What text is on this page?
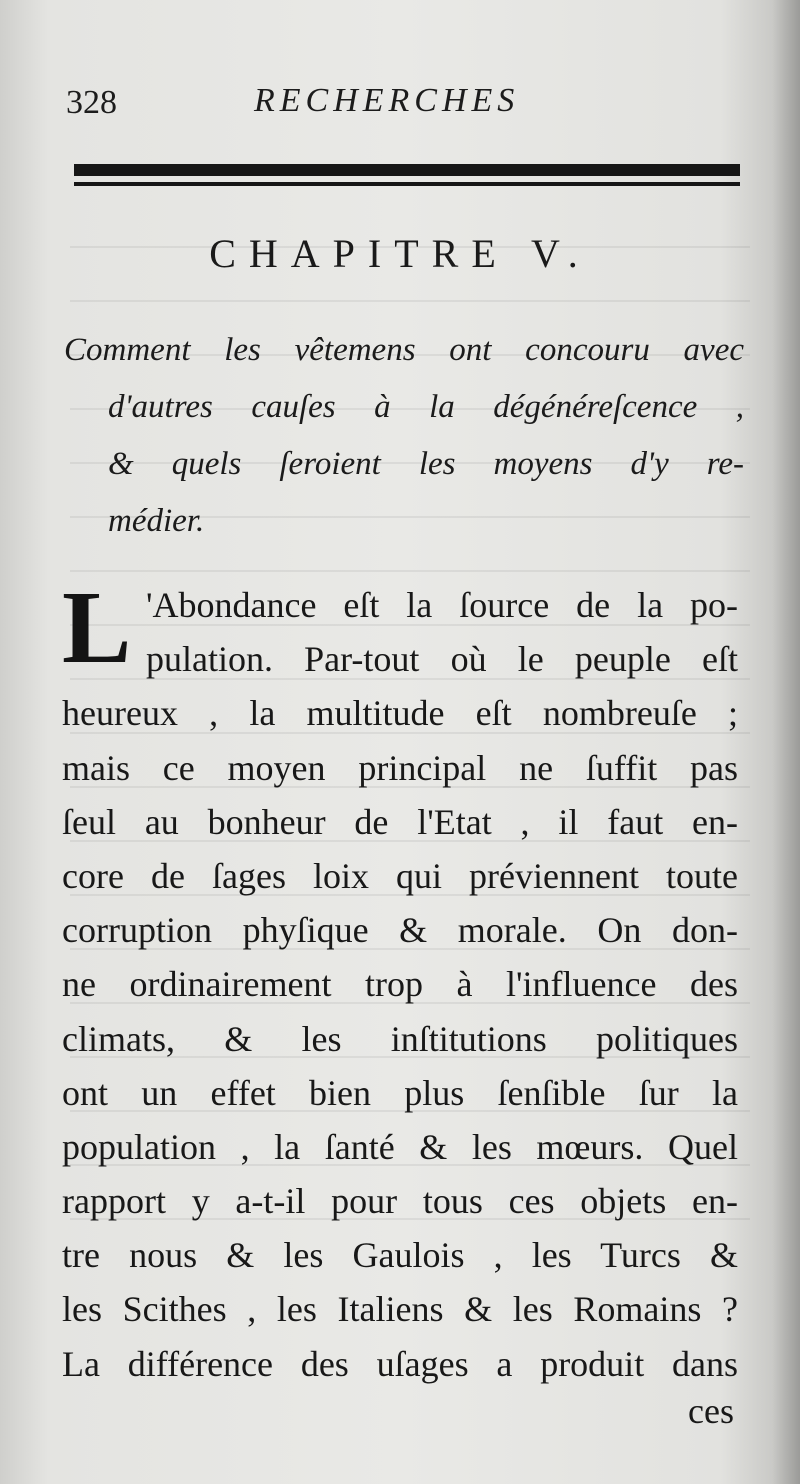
328	RECHERCHES
CHAPITRE V.
Comment les vêtemens ont concouru avec
d'autres cauſes à la dégénéreſcence ,
& quels ſeroient les moyens d'y re-
médier.
L 'Abondance eſt la ſource de la po-
pulation. Par-tout où le peuple eſt
heureux , la multitude eſt nombreuſe ;
mais ce moyen principal ne ſuffit pas
ſeul au bonheur de l'Etat , il faut en-
core de ſages loix qui préviennent toute
corruption phyſique & morale. On don-
ne ordinairement trop à l'influence des
climats, & les inſtitutions politiques
ont un effet bien plus ſenſible ſur la
population , la ſanté & les mœurs. Quel
rapport y a-t-il pour tous ces objets en-
tre nous & les Gaulois , les Turcs &
les Scithes , les Italiens & les Romains ?
La différence des uſages a produit dans
ces
